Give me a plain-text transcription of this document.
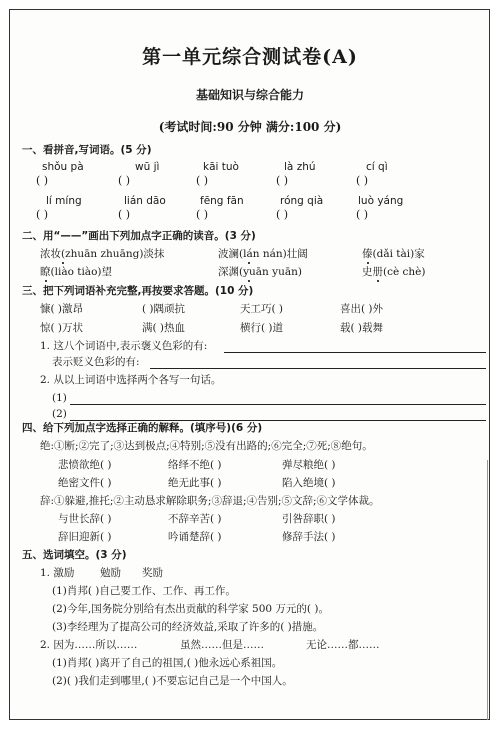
第一单元综合测试卷(A)
基础知识与综合能力
(考试时间:90 分钟 满分:100 分)
一、看拼音,写词语。(5 分)
shǒu pà	wū jì	kāi tuò	là zhú	cí qì
( )	( )	( )	( )	( )
lí míng	lián dāo	fēng fān	róng qià	luò yáng
( )	( )	( )	( )	( )
二、用“——”画出下列加点字正确的读音。(3 分)
浓妆(zhuān zhuāng)淡抹	波澜(lán nán)壮阔	傣(dǎi tài)家
瞭(liào tiào)望	深渊(yuān yuān)	史册(cè chè)
三、把下列词语补充完整,再按要求答题。(10 分)
慷( )激昂	( )隅顽抗	天工巧( )	喜出( )外
惊( )万状	满( )热血	横行( )道	载( )载舞
1. 这八个词语中,表示褒义色彩的有:
表示贬义色彩的有:
2. 从以上词语中选择两个各写一句话。
(1)
(2)
四、给下列加点字选择正确的解释。(填序号)(6 分)
绝:①断;②完了;③达到极点;④特别;⑤没有出路的;⑥完全;⑦死;⑧绝句。
悲愤欲绝( )	络绎不绝( )	弹尽粮绝( )
绝密文件( )	绝无此事( )	陷入绝境( )
辞:①躲避,推托;②主动恳求解除职务;③辞退;④告别;⑤文辞;⑥文学体裁。
与世长辞( )	不辞辛苦( )	引咎辞职( )
辞旧迎新( )	吟诵楚辞( )	修辞手法( )
五、选词填空。(3 分)
1. 激励 勉励 奖励
(1)肖邦( )自己要工作、工作、再工作。
(2)今年,国务院分别给有杰出贡献的科学家 500 万元的( )。
(3)李经理为了提高公司的经济效益,采取了许多的( )措施。
2. 因为……所以……	虽然……但是……	无论……都……
(1)肖邦( )离开了自己的祖国,( )他永远心系祖国。
(2)( )我们走到哪里,( )不要忘记自己是一个中国人。
